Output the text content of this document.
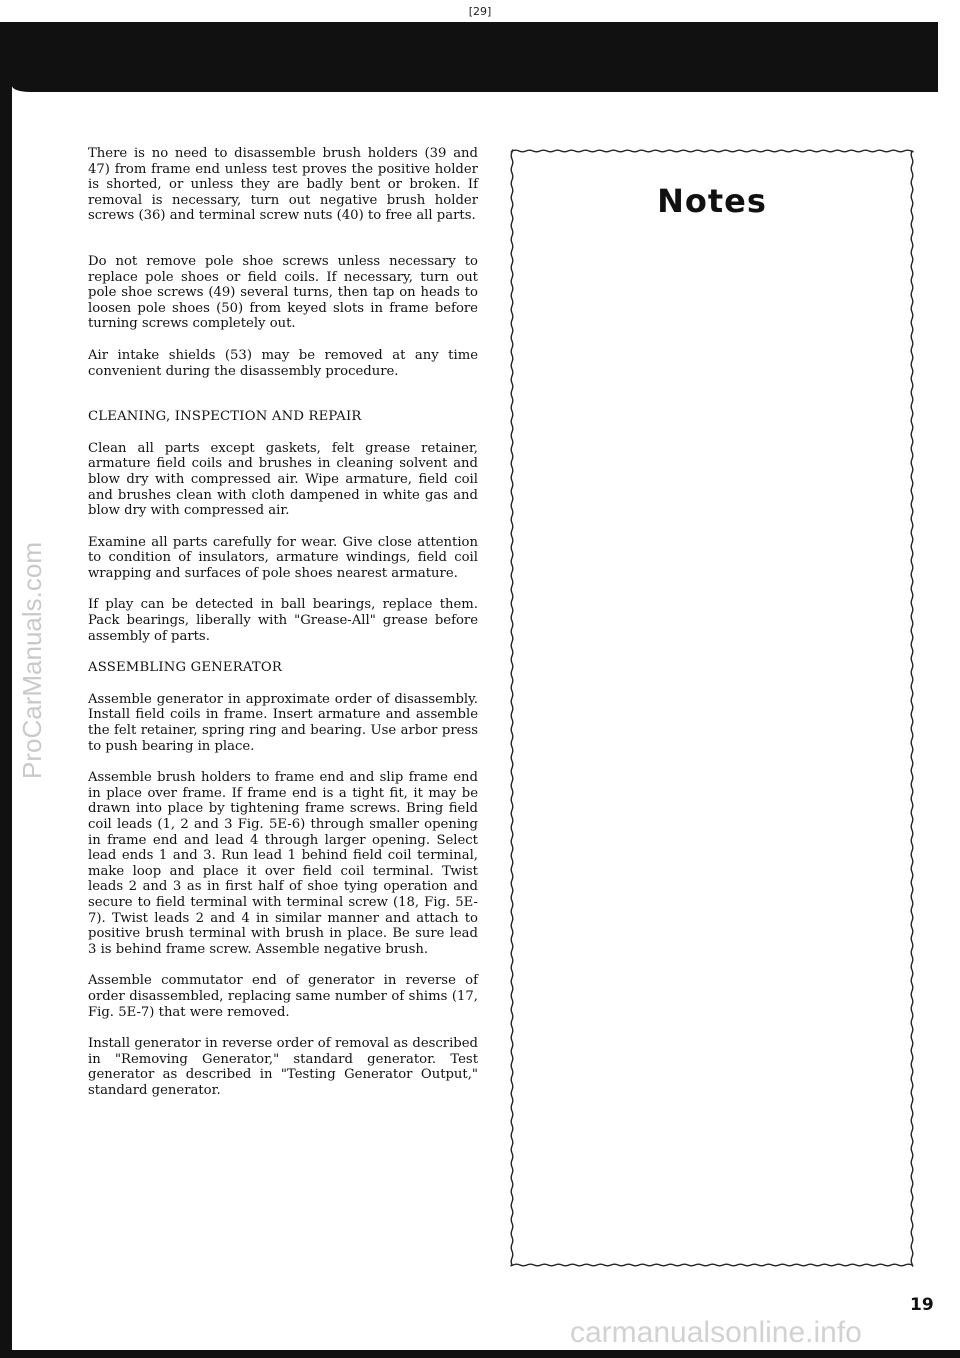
[29]
ProCarManuals.com

There is no need to disassemble brush holders (39 and 47) from frame end unless test proves the positive holder is shorted, or unless they are badly bent or broken. If removal is necessary, turn out negative brush holder screws (36) and terminal screw nuts (40) to free all parts.

Do not remove pole shoe screws unless necessary to replace pole shoes or field coils. If necessary, turn out pole shoe screws (49) several turns, then tap on heads to loosen pole shoes (50) from keyed slots in frame before turning screws completely out.

Air intake shields (53) may be removed at any time convenient during the disassembly procedure.

CLEANING, INSPECTION AND REPAIR

Clean all parts except gaskets, felt grease retainer, armature field coils and brushes in cleaning solvent and blow dry with compressed air. Wipe armature, field coil and brushes clean with cloth dampened in white gas and blow dry with compressed air.

Examine all parts carefully for wear. Give close attention to condition of insulators, armature windings, field coil wrapping and surfaces of pole shoes nearest armature.

If play can be detected in ball bearings, replace them. Pack bearings, liberally with "Grease-All" grease before assembly of parts.

ASSEMBLING GENERATOR

Assemble generator in approximate order of disassembly. Install field coils in frame. Insert armature and assemble the felt retainer, spring ring and bearing. Use arbor press to push bearing in place.

Assemble brush holders to frame end and slip frame end in place over frame. If frame end is a tight fit, it may be drawn into place by tightening frame screws. Bring field coil leads (1, 2 and 3 Fig. 5E-6) through smaller opening in frame end and lead 4 through larger opening. Select lead ends 1 and 3. Run lead 1 behind field coil terminal, make loop and place it over field coil terminal. Twist leads 2 and 3 as in first half of shoe tying operation and secure to field terminal with terminal screw (18, Fig. 5E-7). Twist leads 2 and 4 in similar manner and attach to positive brush terminal with brush in place. Be sure lead 3 is behind frame screw. Assemble negative brush.

Assemble commutator end of generator in reverse of order disassembled, replacing same number of shims (17, Fig. 5E-7) that were removed.

Install generator in reverse order of removal as described in "Removing Generator," standard generator. Test generator as described in "Testing Generator Output," standard generator.

Notes
19
carmanualsonline.info
